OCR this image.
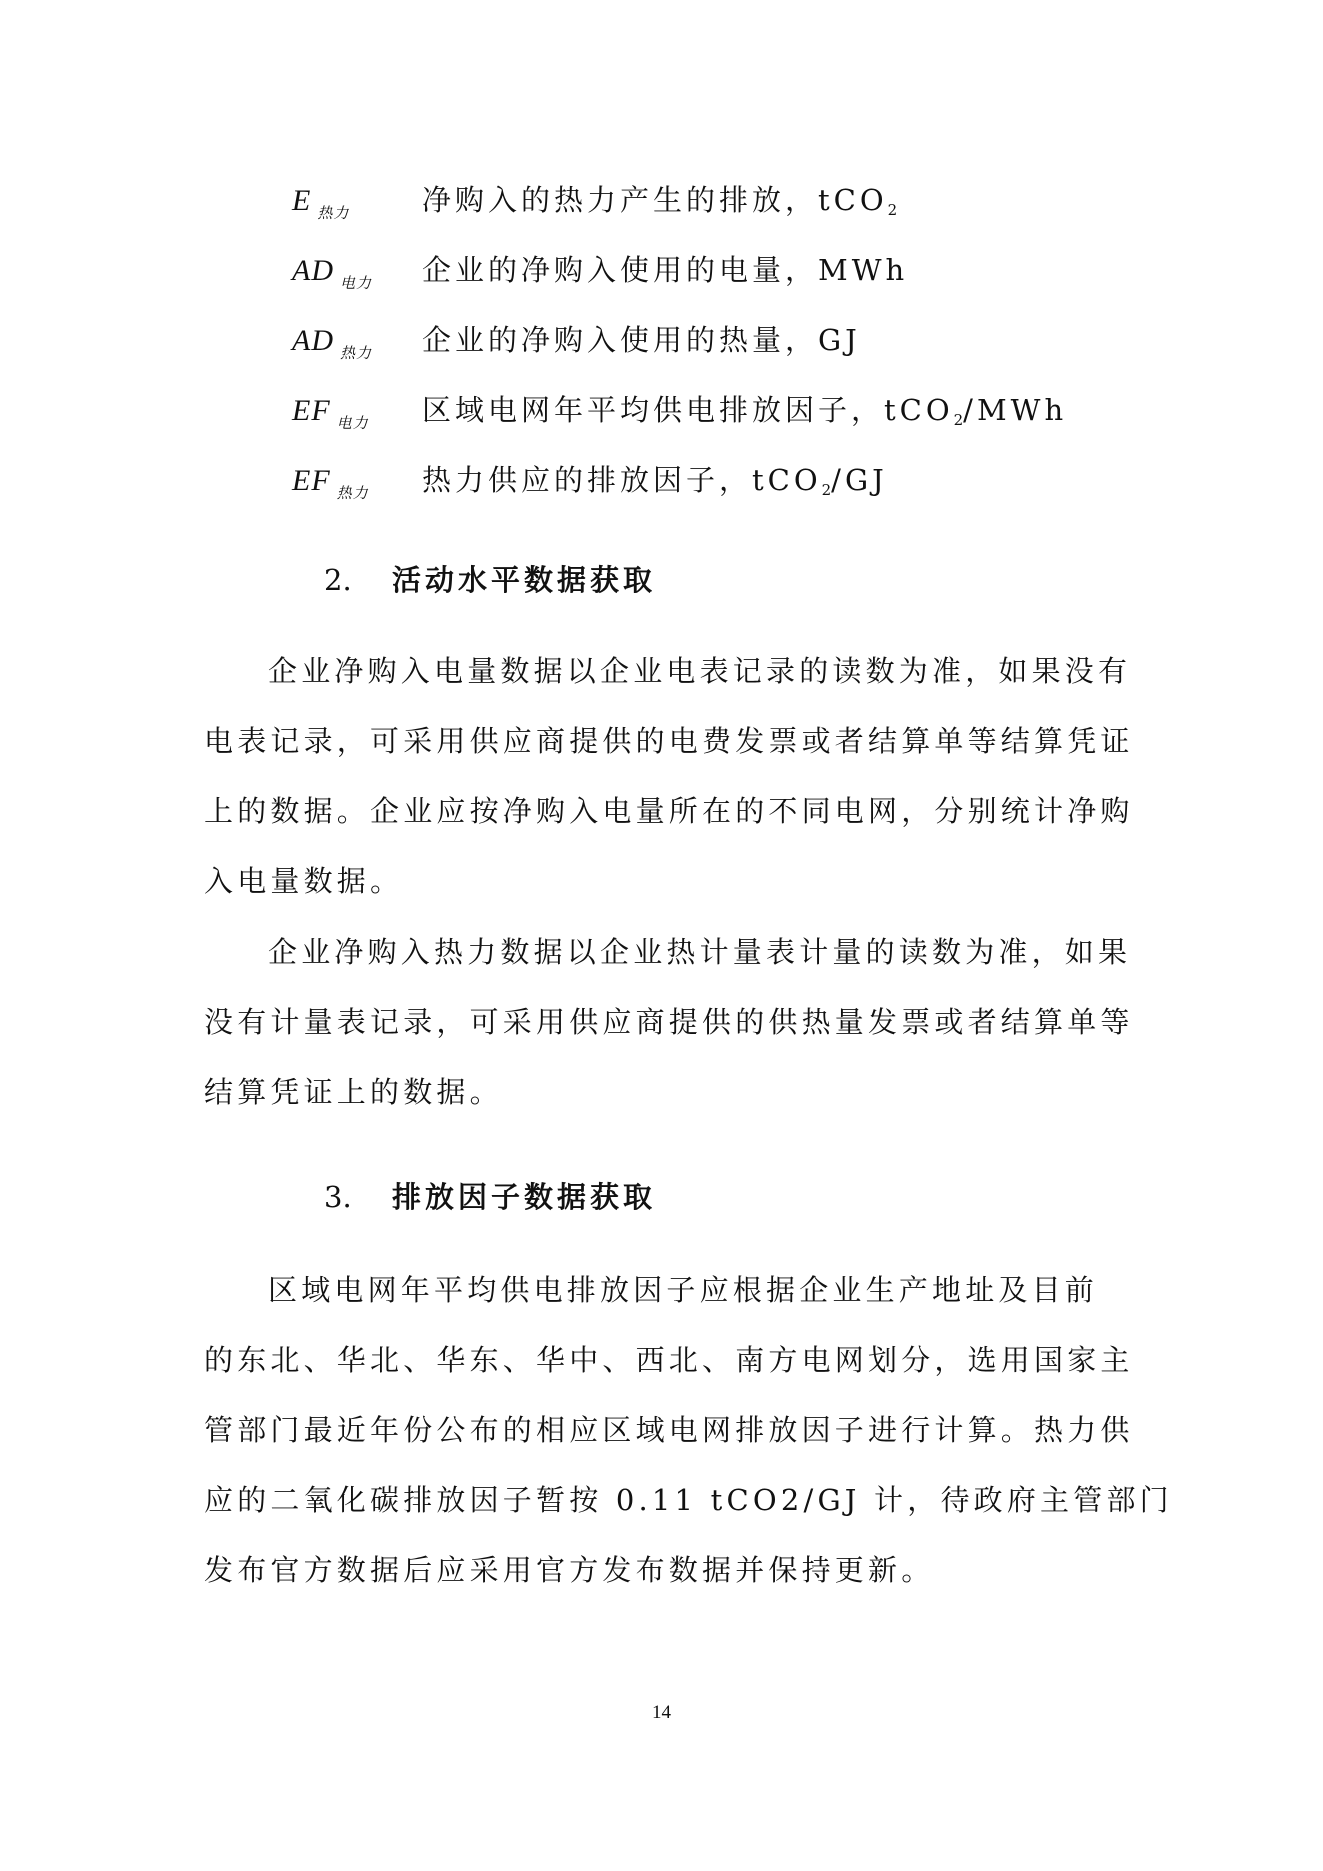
E $_{热力}$	净购入的热力产生的排放，tCO$_2$
AD $_{电力}$	企业的净购入使用的电量，MWh
AD $_{热力}$	企业的净购入使用的热量，GJ
EF $_{电力}$	区域电网年平均供电排放因子，tCO$_2$/MWh
EF $_{热力}$	热力供应的排放因子，tCO$_2$/GJ
2. 活动水平数据获取
企业净购入电量数据以企业电表记录的读数为准，如果没有
电表记录，可采用供应商提供的电费发票或者结算单等结算凭证
上的数据。企业应按净购入电量所在的不同电网，分别统计净购
入电量数据。
企业净购入热力数据以企业热计量表计量的读数为准，如果
没有计量表记录，可采用供应商提供的供热量发票或者结算单等
结算凭证上的数据。
3. 排放因子数据获取
区域电网年平均供电排放因子应根据企业生产地址及目前
的东北、华北、华东、华中、西北、南方电网划分，选用国家主
管部门最近年份公布的相应区域电网排放因子进行计算。热力供
应的二氧化碳排放因子暂按 0.11 tCO2/GJ 计，待政府主管部门
发布官方数据后应采用官方发布数据并保持更新。
14
